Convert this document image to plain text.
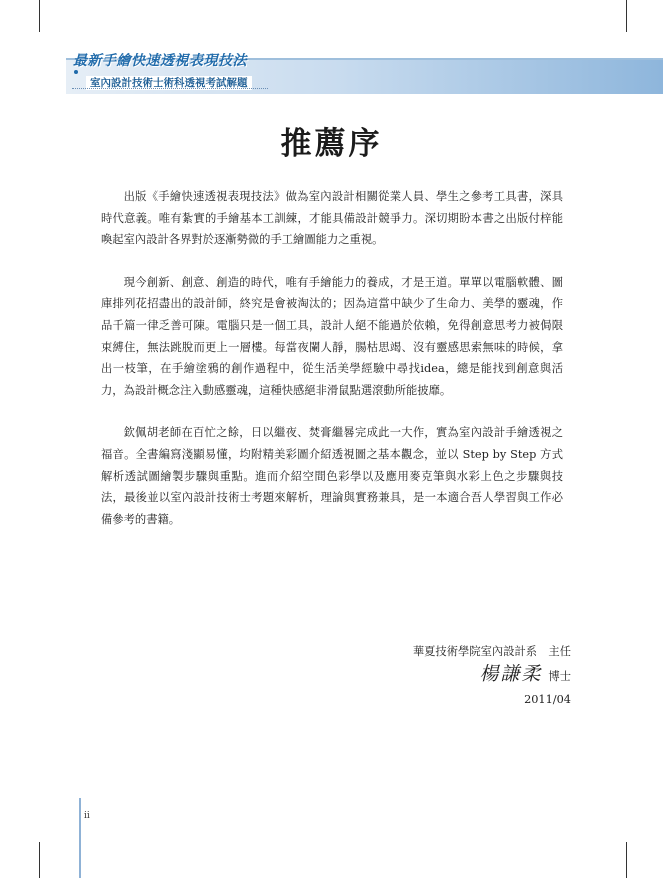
最新手繪快速透視表現技法
室內設計技術士術科透視考試解題
推薦序

出版《手繪快速透視表現技法》做為室內設計相關從業人員、學生之參考工具書，深具時代意義。唯有紮實的手繪基本工訓練，才能具備設計競爭力。深切期盼本書之出版付梓能喚起室內設計各界對於逐漸勢微的手工繪圖能力之重視。

現今創新、創意、創造的時代，唯有手繪能力的養成，才是王道。單單以電腦軟體、圖庫排列花招盡出的設計師，終究是會被淘汰的；因為這當中缺少了生命力、美學的靈魂，作品千篇一律乏善可陳。電腦只是一個工具，設計人絕不能過於依賴，免得創意思考力被侷限束縛住，無法跳脫而更上一層樓。每當夜闌人靜，腸枯思竭、沒有靈感思索無味的時候，拿出一枝筆，在手繪塗鴉的創作過程中，從生活美學經驗中尋找idea，總是能找到創意與活力，為設計概念注入動感靈魂，這種快感絕非滑鼠點選滾動所能披靡。

欽佩胡老師在百忙之餘，日以繼夜、焚膏繼晷完成此一大作，實為室內設計手繪透視之福音。全書編寫淺顯易懂，均附精美彩圖介紹透視圖之基本觀念，並以 Step by Step 方式解析透試圖繪製步驟與重點。進而介紹空間色彩學以及應用麥克筆與水彩上色之步驟與技法，最後並以室內設計技術士考題來解析，理論與實務兼具，是一本適合吾人學習與工作必備參考的書籍。

華夏技術學院室內設計系　主任
楊謙柔 博士
2011/04
ii
